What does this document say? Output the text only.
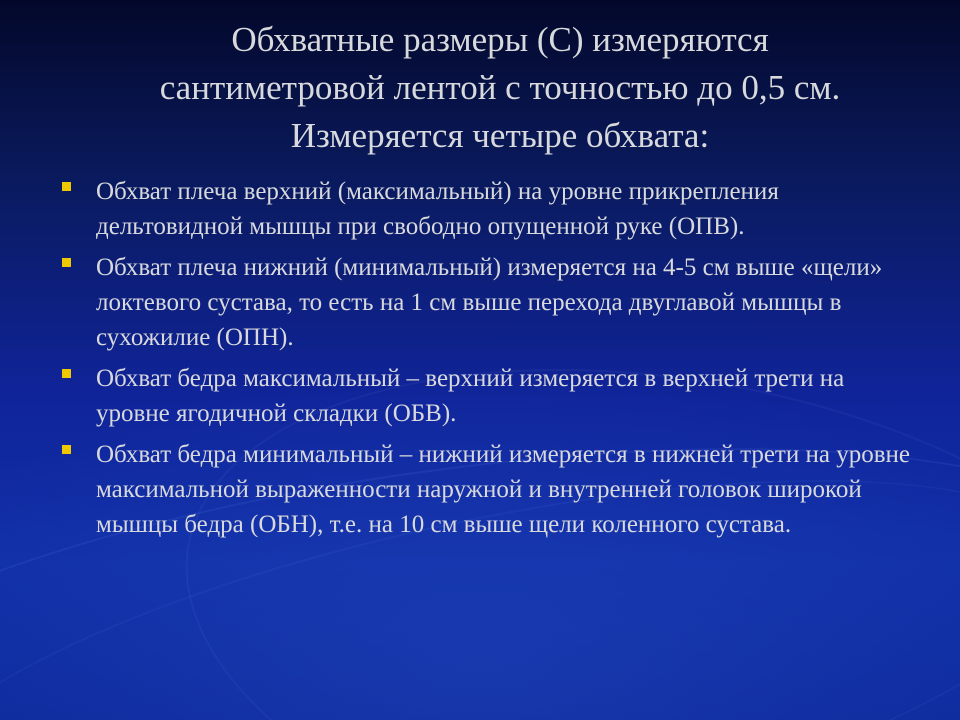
Обхватные размеры (С) измеряются
сантиметровой лентой с точностью до 0,5 см.
Измеряется четыре обхвата:
Обхват плеча верхний (максимальный) на уровне прикрепления дельтовидной мышцы при свободно опущенной руке (ОПВ).
Обхват плеча нижний (минимальный) измеряется на 4-5 см выше «щели» локтевого сустава, то есть на 1 см выше перехода двуглавой мышцы в сухожилие (ОПН).
Обхват бедра максимальный – верхний измеряется в верхней трети на уровне ягодичной складки (ОБВ).
Обхват бедра минимальный – нижний измеряется в нижней трети на уровне максимальной выраженности наружной и внутренней головок широкой мышцы бедра (ОБН), т.е. на 10 см выше щели коленного сустава.
